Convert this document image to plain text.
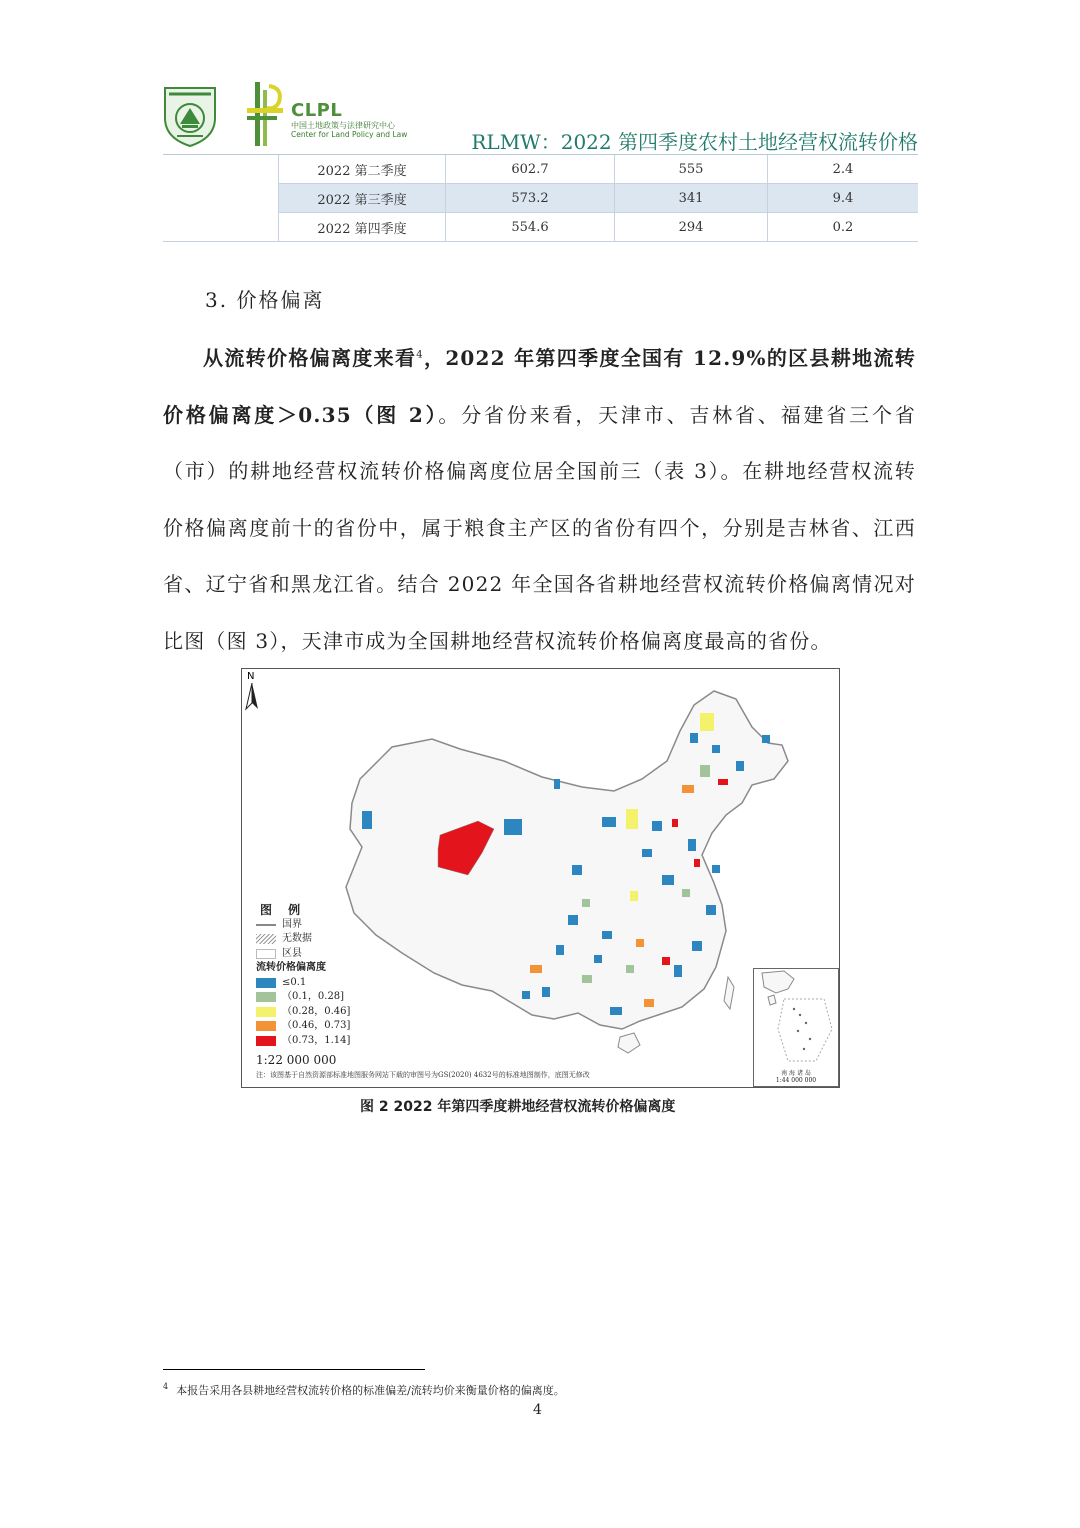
CLPL
中国土地政策与法律研究中心
Center for Land Policy and Law	RLMW：2022 第四季度农村土地经营权流转价格
	2022 第二季度	602.7	555	2.4
	2022 第三季度	573.2	341	9.4
	2022 第四季度	554.6	294	0.2
3. 价格偏离
从流转价格偏离度来看$^4$，2022 年第四季度全国有 12.9%的区县耕地流转价格偏离度＞0.35（图 2）。分省份来看，天津市、吉林省、福建省三个省（市）的耕地经营权流转价格偏离度位居全国前三（表 3）。在耕地经营权流转价格偏离度前十的省份中，属于粮食主产区的省份有四个，分别是吉林省、江西省、辽宁省和黑龙江省。结合 2022 年全国各省耕地经营权流转价格偏离情况对比图（图 3），天津市成为全国耕地经营权流转价格偏离度最高的省份。
N
图 例
国界
无数据
区县
流转价格偏离度
≤0.1
（0.1，0.28]
（0.28，0.46]
（0.46，0.73]
（0.73，1.14]
1:22 000 000
注：该图基于自然资源部标准地图服务网站下载的审图号为GS(2020) 4632号的标准地图制作，底图无修改	南 海 诸 岛
1:44 000 000
图 2 2022 年第四季度耕地经营权流转价格偏离度
$^4$ 本报告采用各县耕地经营权流转价格的标准偏差/流转均价来衡量价格的偏离度。
4
